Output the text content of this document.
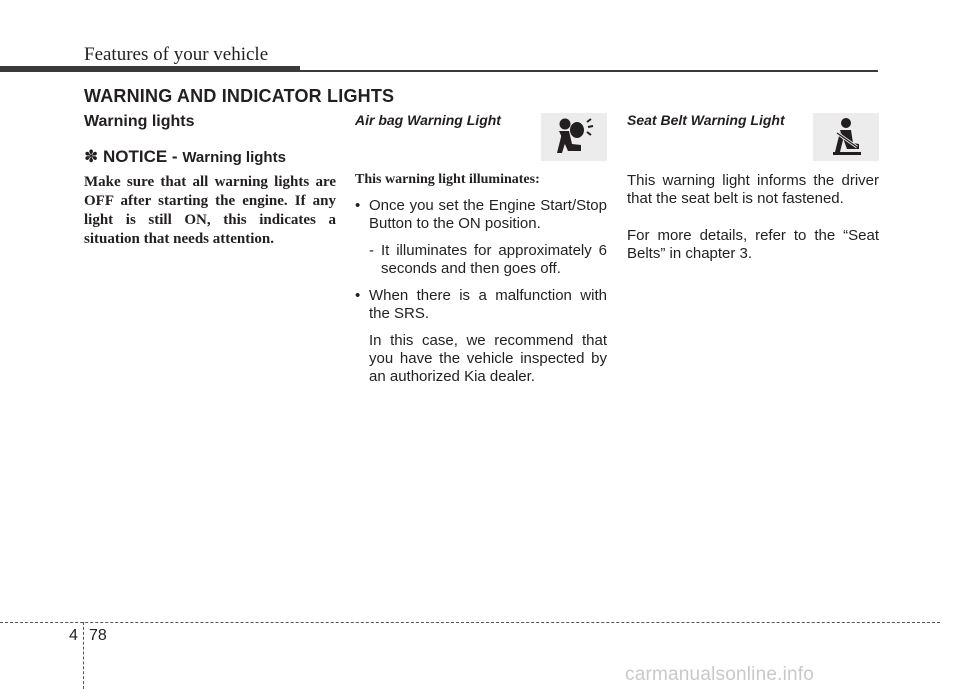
Features of your vehicle
WARNING AND INDICATOR LIGHTS
Warning lights
✽ NOTICE - Warning lights
Make sure that all warning lights are OFF after starting the engine. If any light is still ON, this indicates a situation that needs attention.
Air bag Warning Light
This warning light illuminates:
• Once you set the Engine Start/Stop Button to the ON position.
- It illuminates for approximately 6 seconds and then goes off.
• When there is a malfunction with the SRS.
In this case, we recommend that you have the vehicle inspected by an authorized Kia dealer.
Seat Belt Warning Light
This warning light informs the driver that the seat belt is not fastened.
For more details, refer to the “Seat Belts” in chapter 3.
4 78
carmanualsonline.info
